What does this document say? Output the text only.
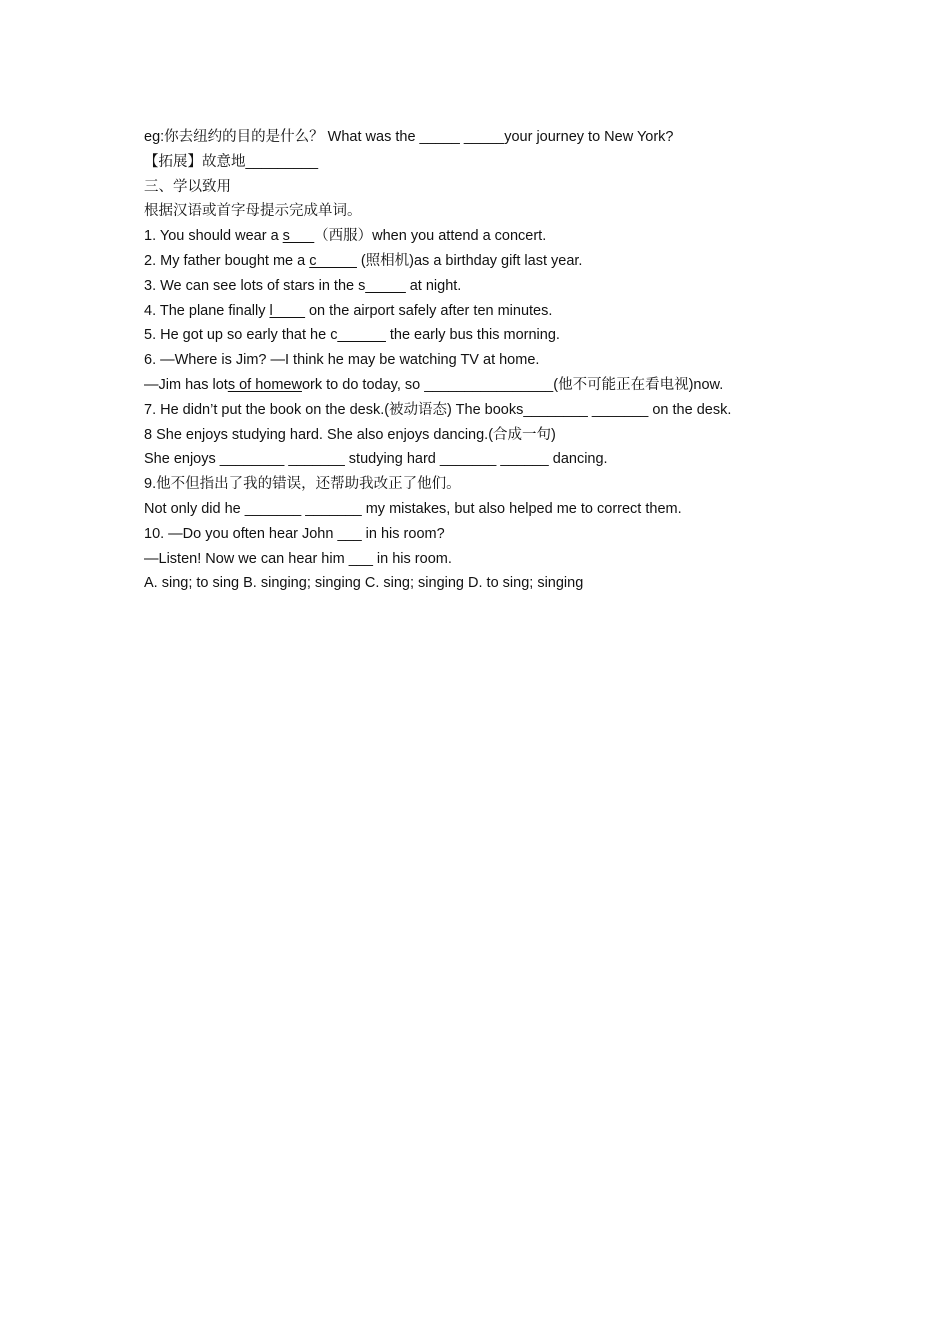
eg:你去纽约的目的是什么？ What was the _____ _____your journey to New York?
【拓展】故意地_________
三、学以致用
根据汉语或首字母提示完成单词。
1. You should wear a s___（西服）when you attend a concert.
2. My father bought me a c_____ (照相机)as a birthday gift last year.
3. We can see lots of stars in the s_____ at night.
4. The plane finally l____ on the airport safely after ten minutes.
5. He got up so early that he c______ the early bus this morning.
6. —Where is Jim? —I think he may be watching TV at home.
—Jim has lots of homework to do today, so ________________(他不可能正在看电视)now.
7. He didn’t put the book on the desk.(被动语态) The books________ _______ on the desk.
8 She enjoys studying hard. She also enjoys dancing.(合成一句)
She enjoys ________ _______ studying hard _______ ______ dancing.
9.他不但指出了我的错误，还帮助我改正了他们。
Not only did he _______ _______ my mistakes, but also helped me to correct them.
10. —Do you often hear John ___ in his room?
—Listen! Now we can hear him ___ in his room.
A. sing; to sing B. singing; singing C. sing; singing D. to sing; singing
